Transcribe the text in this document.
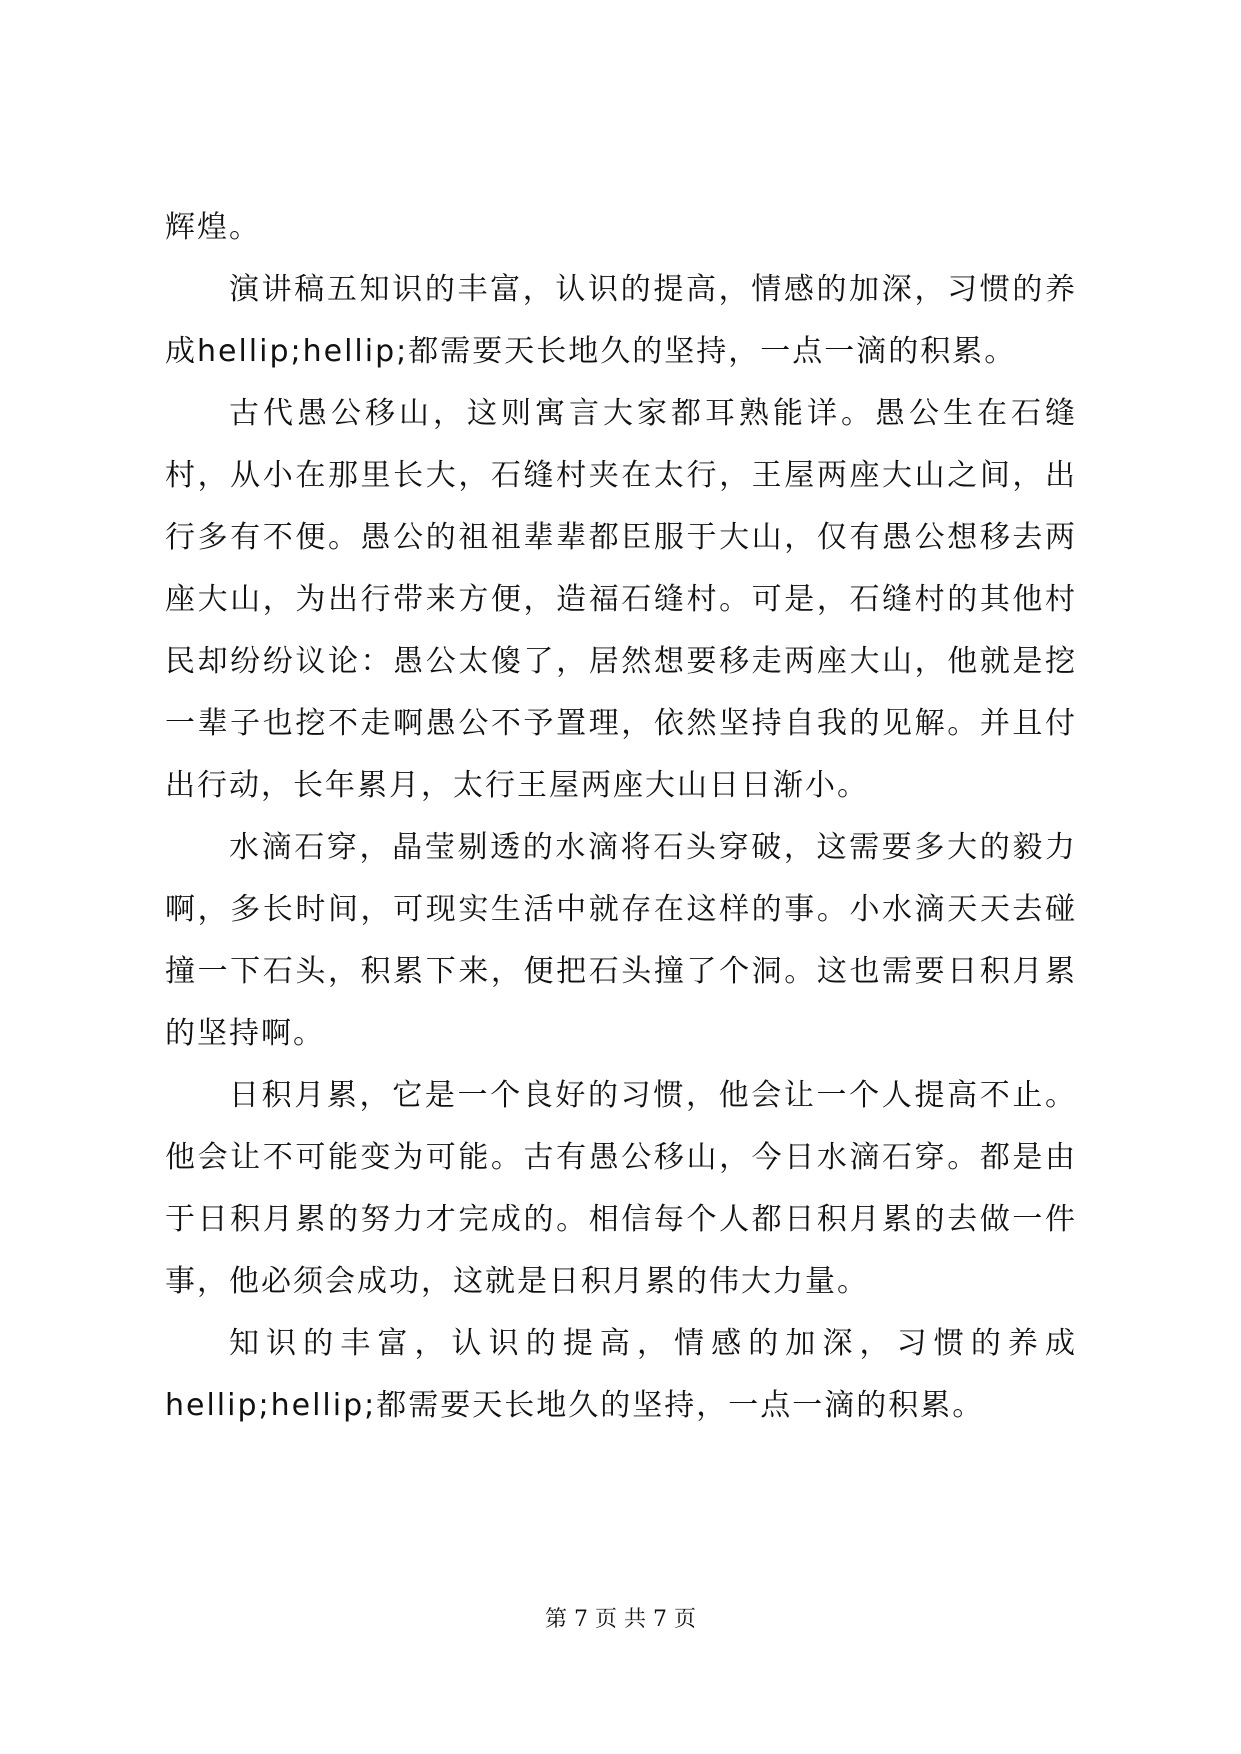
辉煌。

演讲稿五知识的丰富，认识的提高，情感的加深，习惯的养成hellip;hellip;都需要天长地久的坚持，一点一滴的积累。

古代愚公移山，这则寓言大家都耳熟能详。愚公生在石缝村，从小在那里长大，石缝村夹在太行，王屋两座大山之间，出行多有不便。愚公的祖祖辈辈都臣服于大山，仅有愚公想移去两座大山，为出行带来方便，造福石缝村。可是，石缝村的其他村民却纷纷议论：愚公太傻了，居然想要移走两座大山，他就是挖一辈子也挖不走啊愚公不予置理，依然坚持自我的见解。并且付出行动，长年累月，太行王屋两座大山日日渐小。

水滴石穿，晶莹剔透的水滴将石头穿破，这需要多大的毅力啊，多长时间，可现实生活中就存在这样的事。小水滴天天去碰撞一下石头，积累下来，便把石头撞了个洞。这也需要日积月累的坚持啊。

日积月累，它是一个良好的习惯，他会让一个人提高不止。他会让不可能变为可能。古有愚公移山，今日水滴石穿。都是由于日积月累的努力才完成的。相信每个人都日积月累的去做一件事，他必须会成功，这就是日积月累的伟大力量。

知识的丰富，认识的提高，情感的加深，习惯的养成hellip;hellip;都需要天长地久的坚持，一点一滴的积累。

第 7 页 共 7 页
